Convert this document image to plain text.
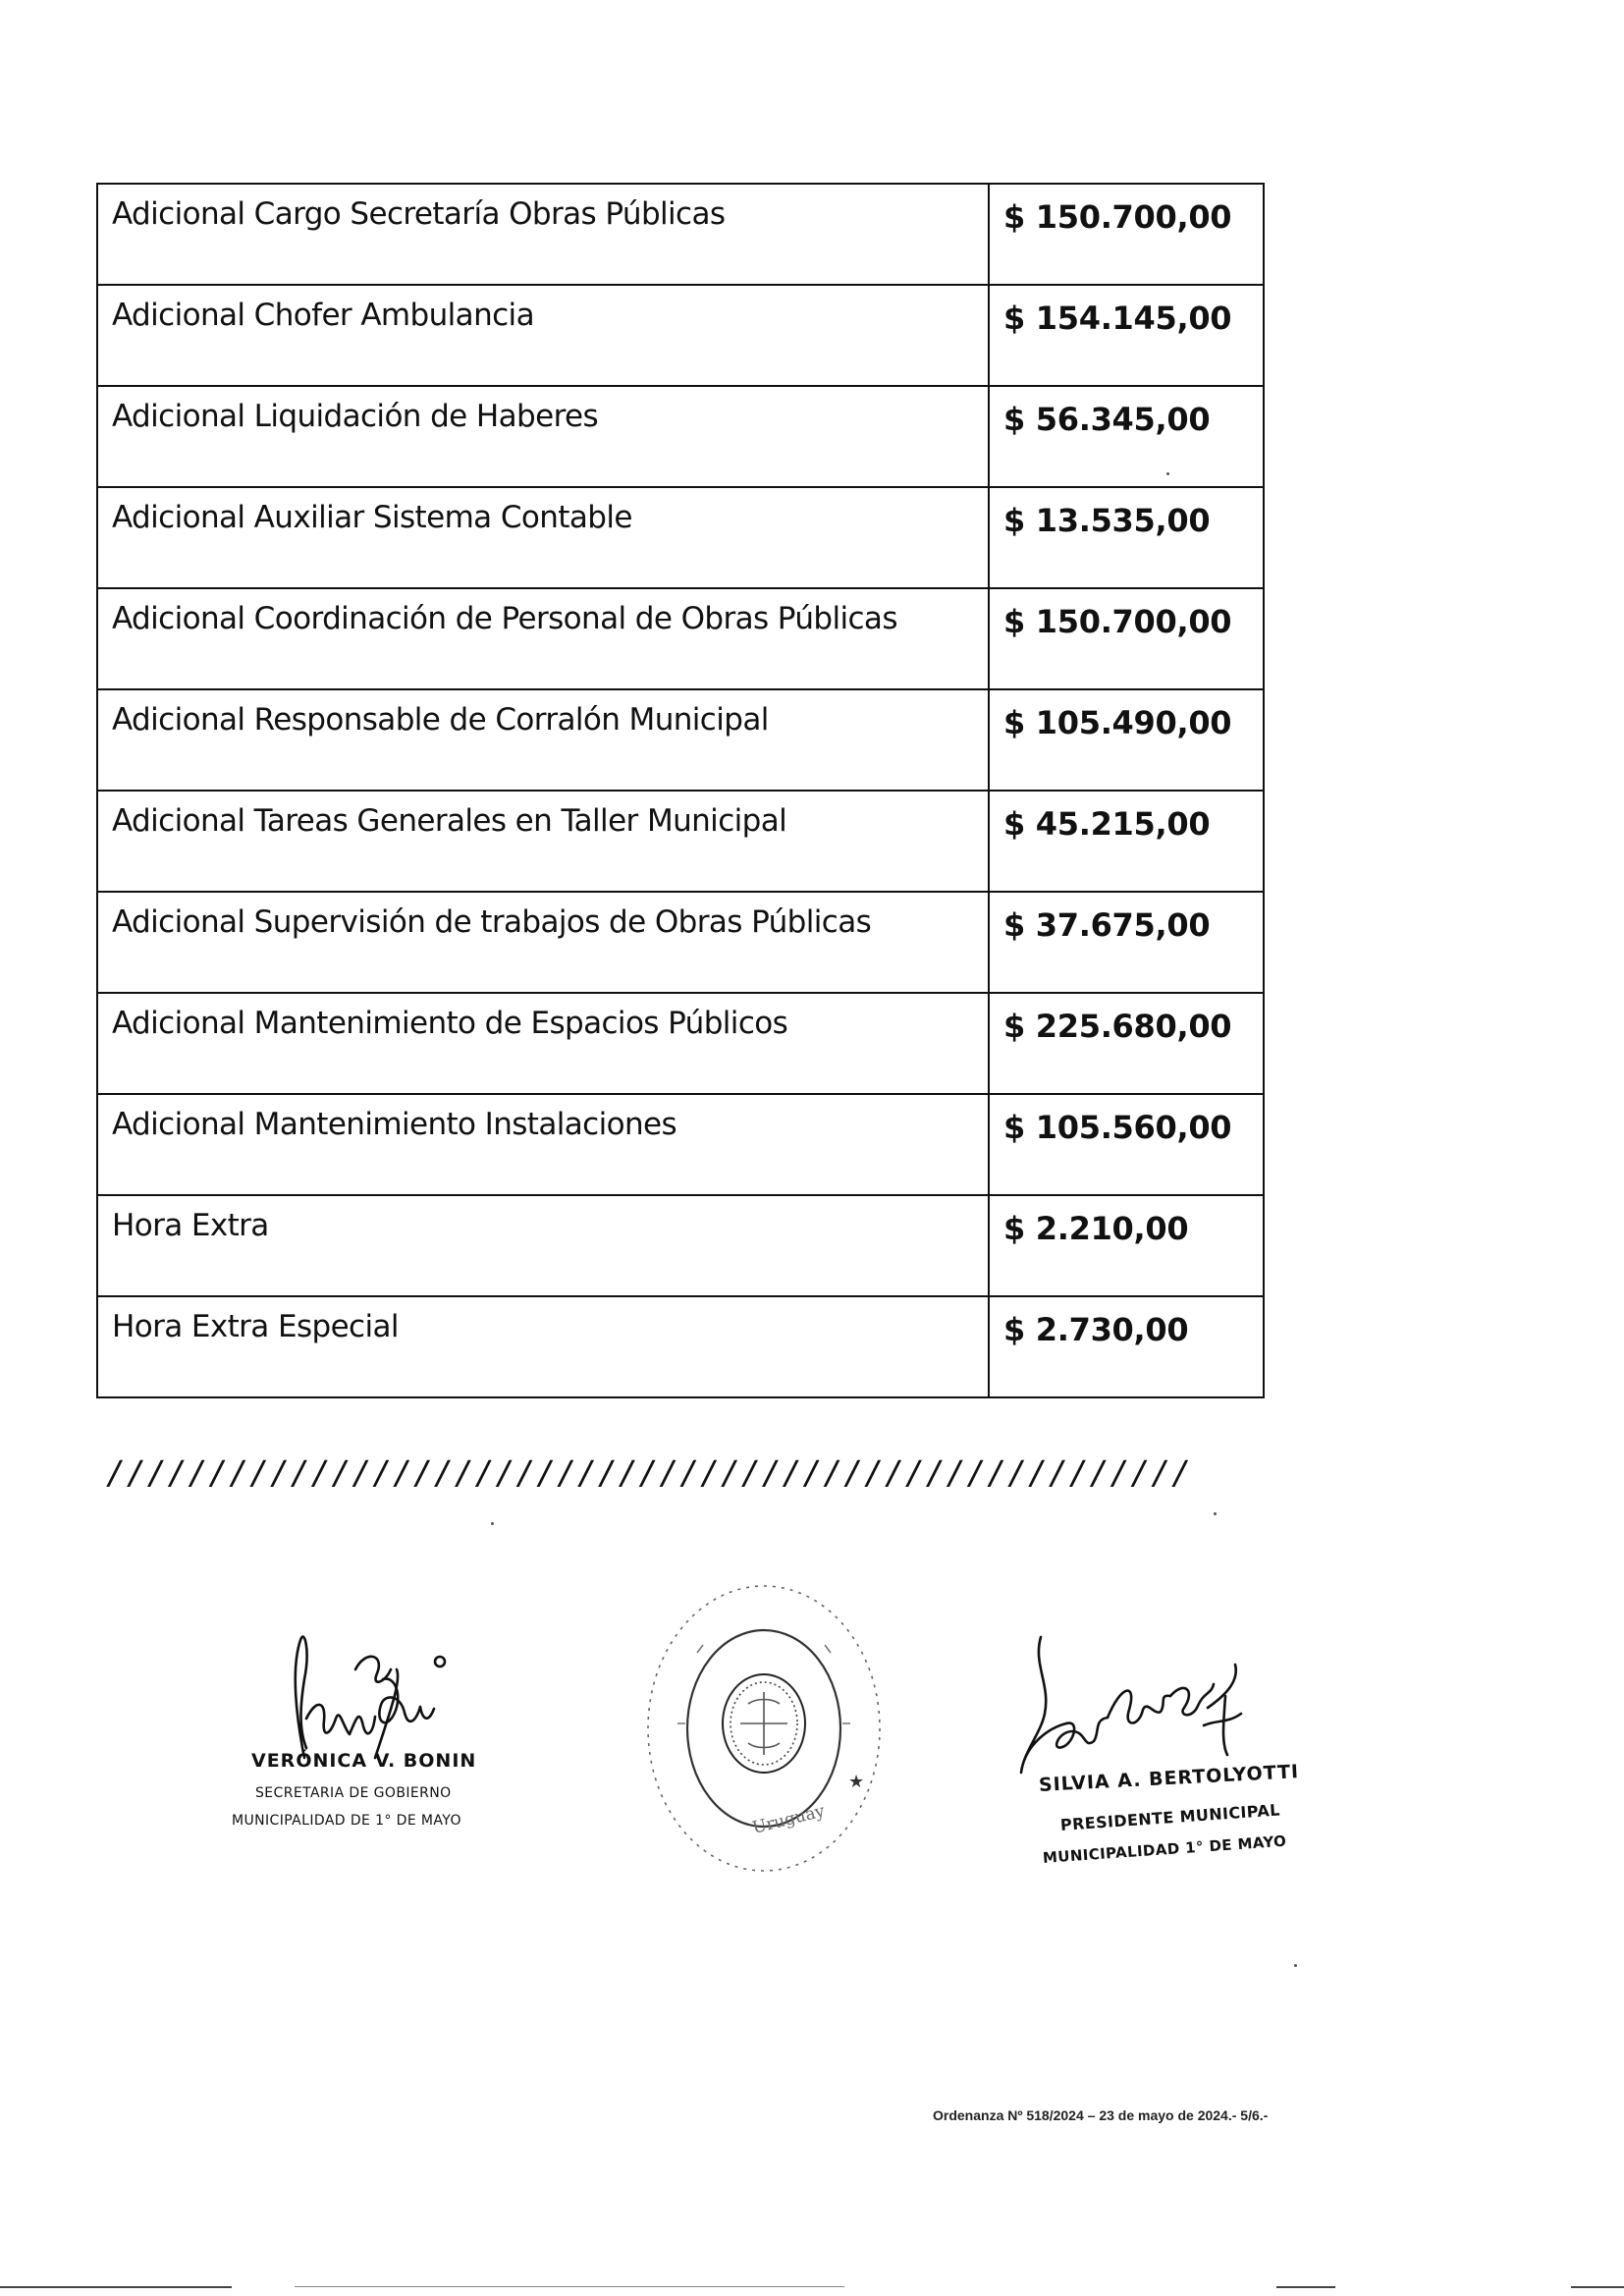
Adicional Cargo Secretaría Obras Públicas	$ 150.700,00
Adicional Chofer Ambulancia	$ 154.145,00
Adicional Liquidación de Haberes	$ 56.345,00
Adicional Auxiliar Sistema Contable	$ 13.535,00
Adicional Coordinación de Personal de Obras Públicas	$ 150.700,00
Adicional Responsable de Corralón Municipal	$ 105.490,00
Adicional Tareas Generales en Taller Municipal	$ 45.215,00
Adicional Supervisión de trabajos de Obras Públicas	$ 37.675,00
Adicional Mantenimiento de Espacios Públicos	$ 225.680,00
Adicional Mantenimiento Instalaciones	$ 105.560,00
Hora Extra	$ 2.210,00
Hora Extra Especial	$ 2.730,00
/////////////////////////////////////////////////////
VERÓNICA V. BONIN
SECRETARIA DE GOBIERNO
MUNICIPALIDAD DE 1° DE MAYO
★
Uruguay
SILVIA A. BERTOLYOTTI
PRESIDENTE MUNICIPAL
MUNICIPALIDAD 1° DE MAYO
Ordenanza Nº 518/2024 – 23 de mayo de 2024.- 5/6.-
